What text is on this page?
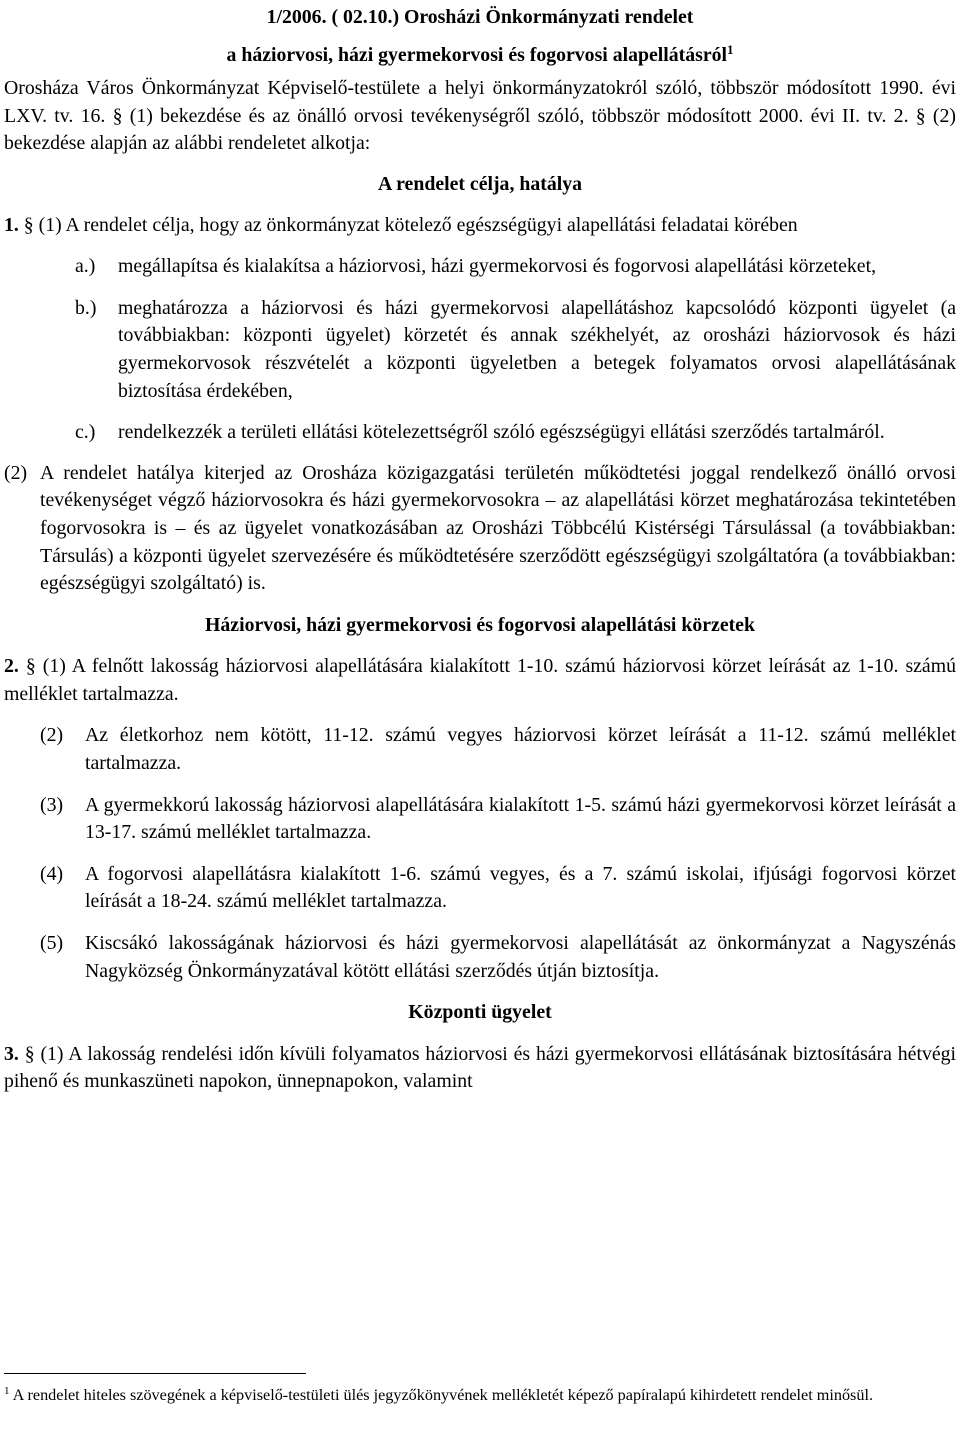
1/2006. ( 02.10.) Orosházi Önkormányzati rendelet

a háziorvosi, házi gyermekorvosi és fogorvosi alapellátásról$^1$

Orosháza Város Önkormányzat Képviselő-testülete a helyi önkormányzatokról szóló, többször módosított 1990. évi LXV. tv. 16. § (1) bekezdése és az önálló orvosi tevékenységről szóló, többször módosított 2000. évi II. tv. 2. § (2) bekezdése alapján az alábbi rendeletet alkotja:

A rendelet célja, hatálya

1. § (1) A rendelet célja, hogy az önkormányzat kötelező egészségügyi alapellátási feladatai körében

a.)	megállapítsa és kialakítsa a háziorvosi, házi gyermekorvosi és fogorvosi alapellátási körzeteket,
b.)	meghatározza a háziorvosi és házi gyermekorvosi alapellátáshoz kapcsolódó központi ügyelet (a továbbiakban: központi ügyelet) körzetét és annak székhelyét, az orosházi háziorvosok és házi gyermekorvosok részvételét a központi ügyeletben a betegek folyamatos orvosi alapellátásának biztosítása érdekében,
c.)	rendelkezzék a területi ellátási kötelezettségről szóló egészségügyi ellátási szerződés tartalmáról.
(2) A rendelet hatálya kiterjed az Orosháza közigazgatási területén működtetési joggal rendelkező önálló orvosi tevékenységet végző háziorvosokra és házi gyermekorvosokra – az alapellátási körzet meghatározása tekintetében fogorvosokra is – és az ügyelet vonatkozásában az Orosházi Többcélú Kistérségi Társulással (a továbbiakban: Társulás) a központi ügyelet szervezésére és működtetésére szerződött egészségügyi szolgáltatóra (a továbbiakban: egészségügyi szolgáltató) is.

Háziorvosi, házi gyermekorvosi és fogorvosi alapellátási körzetek

2. § (1) A felnőtt lakosság háziorvosi alapellátására kialakított 1-10. számú háziorvosi körzet leírását az 1-10. számú melléklet tartalmazza.

(2)	Az életkorhoz nem kötött, 11-12. számú vegyes háziorvosi körzet leírását a 11-12. számú melléklet tartalmazza.
(3)	A gyermekkorú lakosság háziorvosi alapellátására kialakított 1-5. számú házi gyermekorvosi körzet leírását a 13-17. számú melléklet tartalmazza.
(4)	A fogorvosi alapellátásra kialakított 1-6. számú vegyes, és a 7. számú iskolai, ifjúsági fogorvosi körzet leírását a 18-24. számú melléklet tartalmazza.
(5)	Kiscsákó lakosságának háziorvosi és házi gyermekorvosi alapellátását az önkormányzat a Nagyszénás Nagyközség Önkormányzatával kötött ellátási szerződés útján biztosítja.

Központi ügyelet

3. § (1) A lakosság rendelési időn kívüli folyamatos háziorvosi és házi gyermekorvosi ellátásának biztosítására hétvégi pihenő és munkaszüneti napokon, ünnepnapokon, valamint

$^1$ A rendelet hiteles szövegének a képviselő-testületi ülés jegyzőkönyvének mellékletét képező papíralapú kihirdetett rendelet minősül.
